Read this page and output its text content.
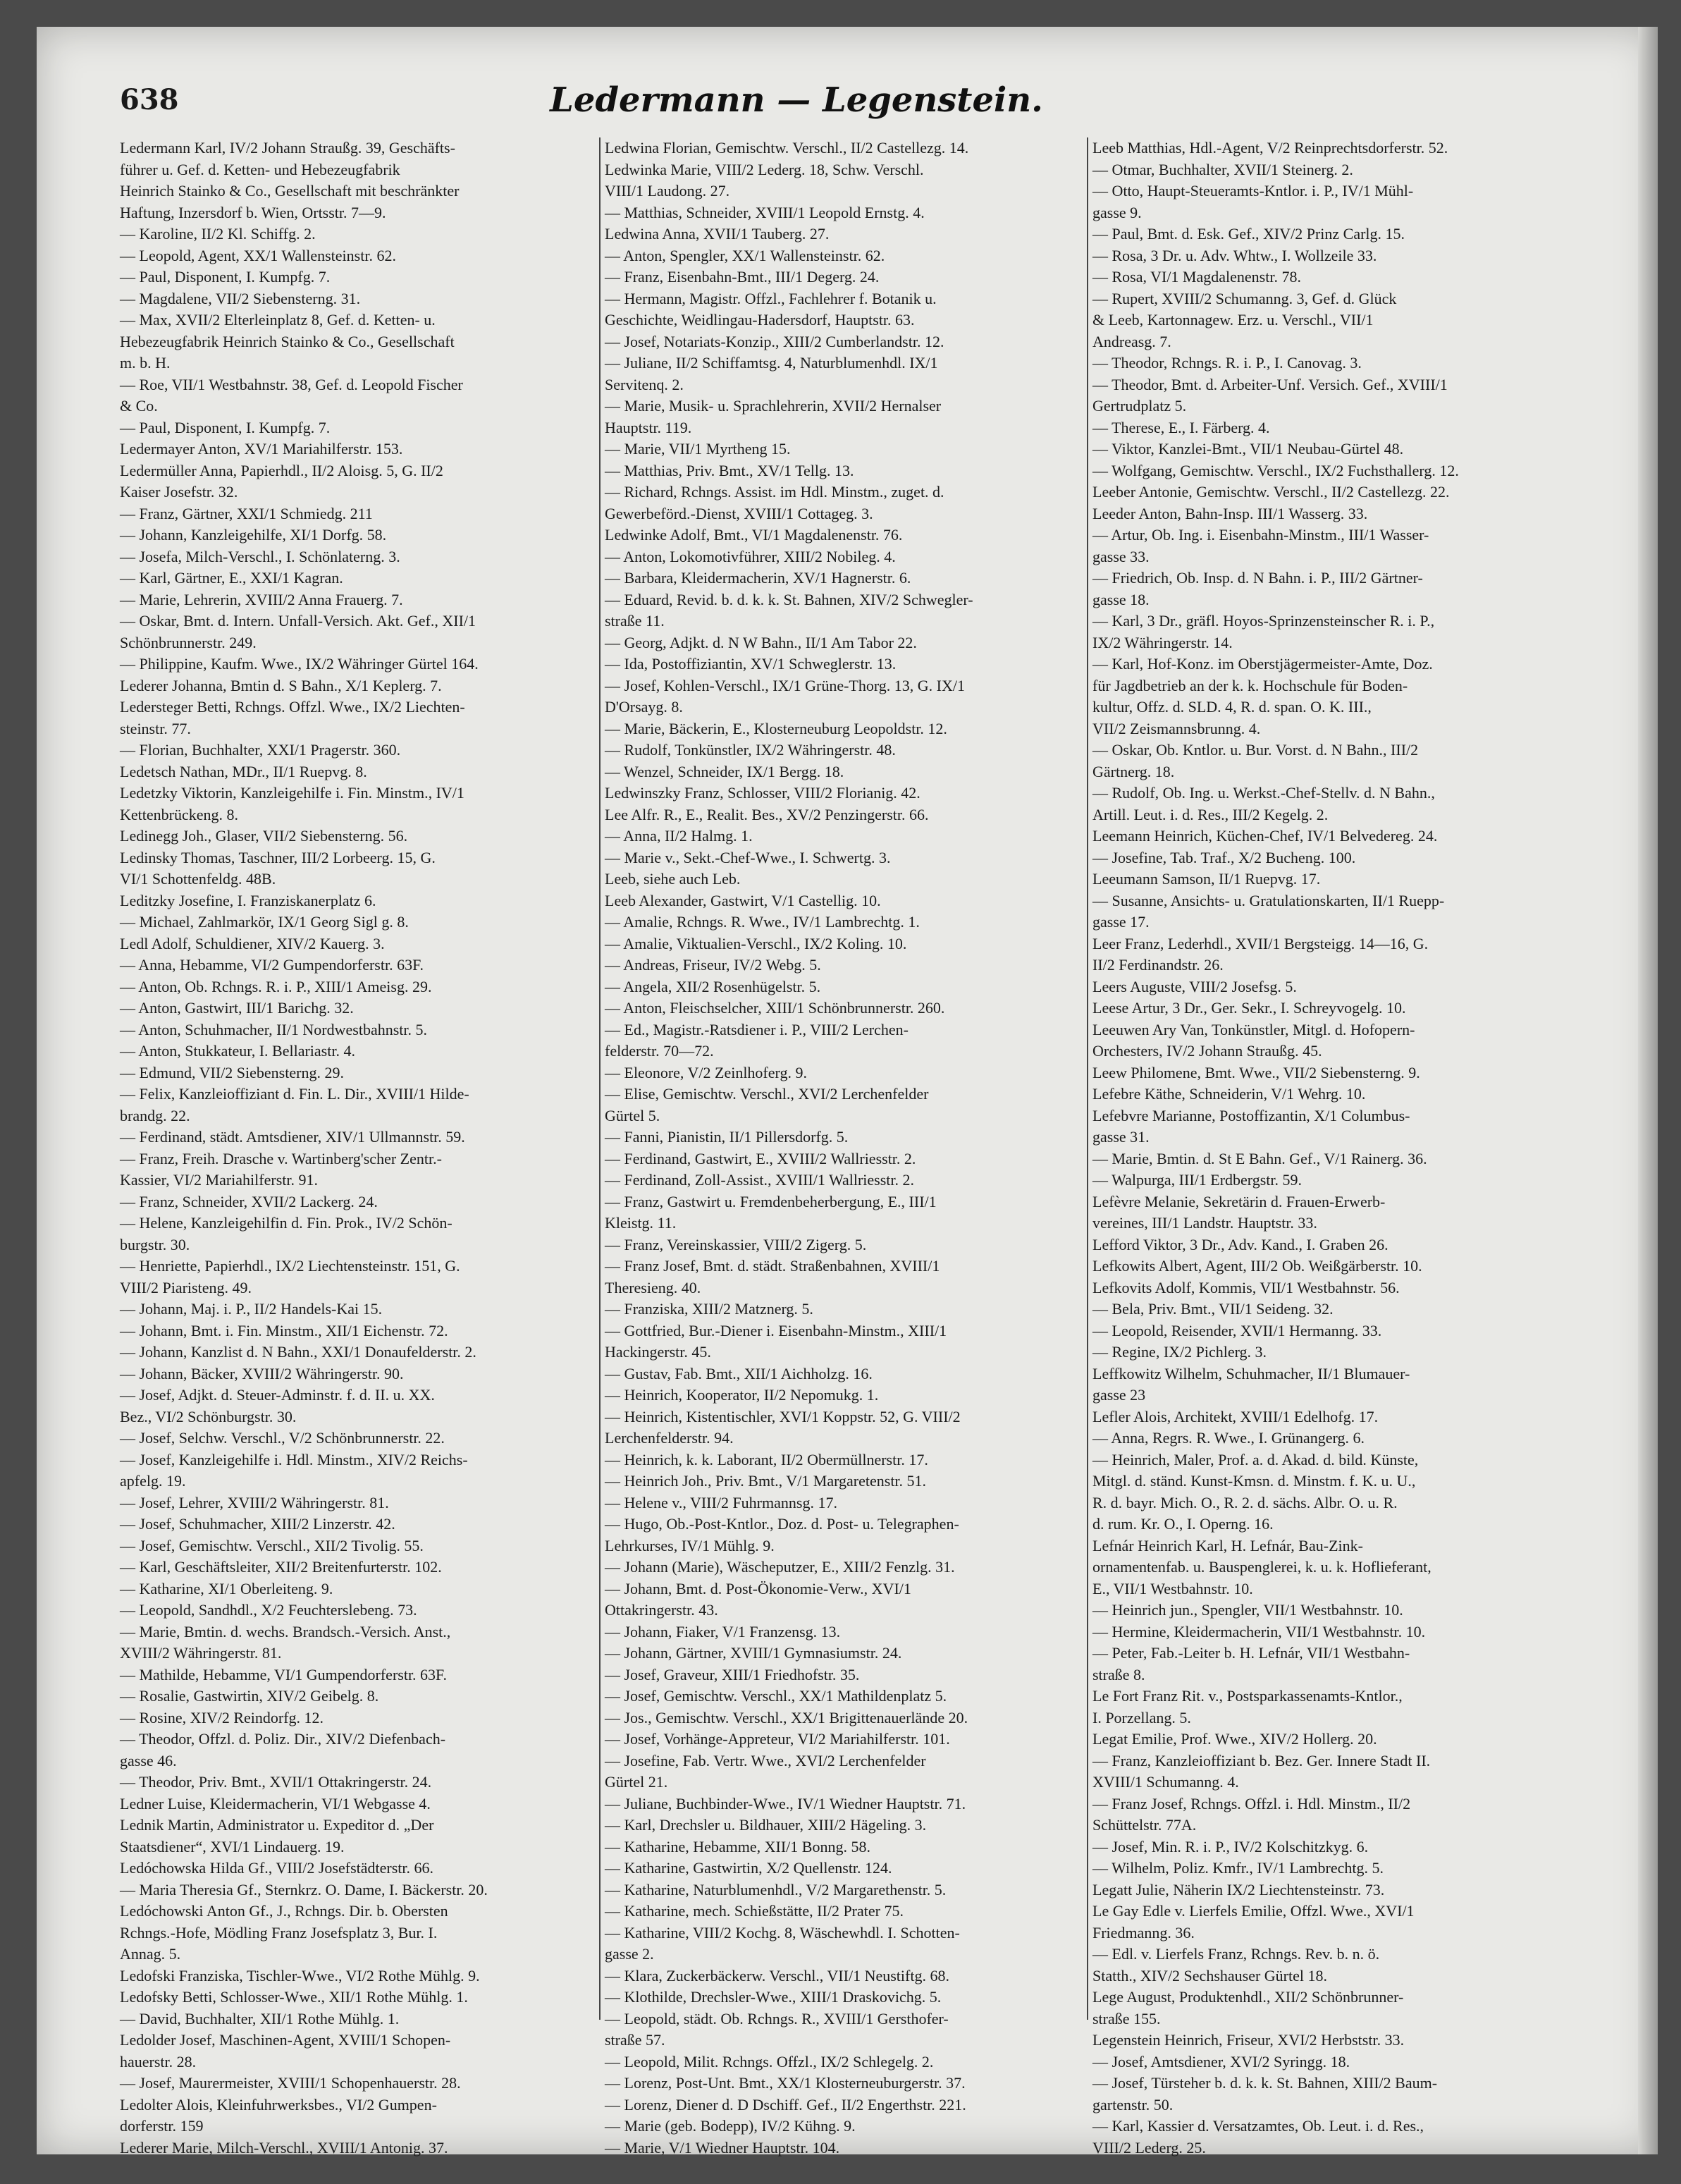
638	Ledermann — Legenstein.
Ledermann Karl, IV/2 Johann Straußg. 39, Geschäfts-
führer u. Gef. d. Ketten- und Hebezeugfabrik
Heinrich Stainko & Co., Gesellschaft mit beschränkter
Haftung, Inzersdorf b. Wien, Ortsstr. 7—9.
— Karoline, II/2 Kl. Schiffg. 2.
— Leopold, Agent, XX/1 Wallensteinstr. 62.
— Paul, Disponent, I. Kumpfg. 7.
— Magdalene, VII/2 Siebensterng. 31.
— Max, XVII/2 Elterleinplatz 8, Gef. d. Ketten- u.
Hebezeugfabrik Heinrich Stainko & Co., Gesellschaft
m. b. H.
— Roe, VII/1 Westbahnstr. 38, Gef. d. Leopold Fischer
& Co.
— Paul, Disponent, I. Kumpfg. 7.
Ledermayer Anton, XV/1 Mariahilferstr. 153.
Ledermüller Anna, Papierhdl., II/2 Aloisg. 5, G. II/2
Kaiser Josefstr. 32.
— Franz, Gärtner, XXI/1 Schmiedg. 211
— Johann, Kanzleigehilfe, XI/1 Dorfg. 58.
— Josefa, Milch-Verschl., I. Schönlaterng. 3.
— Karl, Gärtner, E., XXI/1 Kagran.
— Marie, Lehrerin, XVIII/2 Anna Frauerg. 7.
— Oskar, Bmt. d. Intern. Unfall-Versich. Akt. Gef., XII/1
Schönbrunnerstr. 249.
— Philippine, Kaufm. Wwe., IX/2 Währinger Gürtel 164.
Lederer Johanna, Bmtin d. S Bahn., X/1 Keplerg. 7.
Ledersteger Betti, Rchngs. Offzl. Wwe., IX/2 Liechten-
steinstr. 77.
— Florian, Buchhalter, XXI/1 Pragerstr. 360.
Ledetsch Nathan, MDr., II/1 Ruepvg. 8.
Ledetzky Viktorin, Kanzleigehilfe i. Fin. Minstm., IV/1
Kettenbrückeng. 8.
Ledinegg Joh., Glaser, VII/2 Siebensterng. 56.
Ledinsky Thomas, Taschner, III/2 Lorbeerg. 15, G.
VI/1 Schottenfeldg. 48B.
Leditzky Josefine, I. Franziskanerplatz 6.
— Michael, Zahlmarkör, IX/1 Georg Sigl g. 8.
Ledl Adolf, Schuldiener, XIV/2 Kauerg. 3.
— Anna, Hebamme, VI/2 Gumpendorferstr. 63F.
— Anton, Ob. Rchngs. R. i. P., XIII/1 Ameisg. 29.
— Anton, Gastwirt, III/1 Barichg. 32.
— Anton, Schuhmacher, II/1 Nordwestbahnstr. 5.
— Anton, Stukkateur, I. Bellariastr. 4.
— Edmund, VII/2 Siebensterng. 29.
— Felix, Kanzleioffiziant d. Fin. L. Dir., XVIII/1 Hilde-
brandg. 22.
— Ferdinand, städt. Amtsdiener, XIV/1 Ullmannstr. 59.
— Franz, Freih. Drasche v. Wartinberg'scher Zentr.-
Kassier, VI/2 Mariahilferstr. 91.
— Franz, Schneider, XVII/2 Lackerg. 24.
— Helene, Kanzleigehilfin d. Fin. Prok., IV/2 Schön-
burgstr. 30.
— Henriette, Papierhdl., IX/2 Liechtensteinstr. 151, G.
VIII/2 Piaristeng. 49.
— Johann, Maj. i. P., II/2 Handels-Kai 15.
— Johann, Bmt. i. Fin. Minstm., XII/1 Eichenstr. 72.
— Johann, Kanzlist d. N Bahn., XXI/1 Donaufelderstr. 2.
— Johann, Bäcker, XVIII/2 Währingerstr. 90.
— Josef, Adjkt. d. Steuer-Adminstr. f. d. II. u. XX.
Bez., VI/2 Schönburgstr. 30.
— Josef, Selchw. Verschl., V/2 Schönbrunnerstr. 22.
— Josef, Kanzleigehilfe i. Hdl. Minstm., XIV/2 Reichs-
apfelg. 19.
— Josef, Lehrer, XVIII/2 Währingerstr. 81.
— Josef, Schuhmacher, XIII/2 Linzerstr. 42.
— Josef, Gemischtw. Verschl., XII/2 Tivolig. 55.
— Karl, Geschäftsleiter, XII/2 Breitenfurterstr. 102.
— Katharine, XI/1 Oberleiteng. 9.
— Leopold, Sandhdl., X/2 Feuchterslebeng. 73.
— Marie, Bmtin. d. wechs. Brandsch.-Versich. Anst.,
XVIII/2 Währingerstr. 81.
— Mathilde, Hebamme, VI/1 Gumpendorferstr. 63F.
— Rosalie, Gastwirtin, XIV/2 Geibelg. 8.
— Rosine, XIV/2 Reindorfg. 12.
— Theodor, Offzl. d. Poliz. Dir., XIV/2 Diefenbach-
gasse 46.
— Theodor, Priv. Bmt., XVII/1 Ottakringerstr. 24.
Ledner Luise, Kleidermacherin, VI/1 Webgasse 4.
Lednik Martin, Administrator u. Expeditor d. „Der
Staatsdiener“, XVI/1 Lindauerg. 19.
Ledóchowska Hilda Gf., VIII/2 Josefstädterstr. 66.
— Maria Theresia Gf., Sternkrz. O. Dame, I. Bäckerstr. 20.
Ledóchowski Anton Gf., J., Rchngs. Dir. b. Obersten
Rchngs.-Hofe, Mödling Franz Josefsplatz 3, Bur. I.
Annag. 5.
Ledofski Franziska, Tischler-Wwe., VI/2 Rothe Mühlg. 9.
Ledofsky Betti, Schlosser-Wwe., XII/1 Rothe Mühlg. 1.
— David, Buchhalter, XII/1 Rothe Mühlg. 1.
Ledolder Josef, Maschinen-Agent, XVIII/1 Schopen-
hauerstr. 28.
— Josef, Maurermeister, XVIII/1 Schopenhauerstr. 28.
Ledolter Alois, Kleinfuhrwerksbes., VI/2 Gumpen-
dorferstr. 159
Lederer Marie, Milch-Verschl., XVIII/1 Antonig. 37.
Ledwina Florian, Gemischtw. Verschl., II/2 Castellezg. 14.
Ledwinka Marie, VIII/2 Lederg. 18, Schw. Verschl.
VIII/1 Laudong. 27.
— Matthias, Schneider, XVIII/1 Leopold Ernstg. 4.
Ledwina Anna, XVII/1 Tauberg. 27.
— Anton, Spengler, XX/1 Wallensteinstr. 62.
— Franz, Eisenbahn-Bmt., III/1 Degerg. 24.
— Hermann, Magistr. Offzl., Fachlehrer f. Botanik u.
Geschichte, Weidlingau-Hadersdorf, Hauptstr. 63.
— Josef, Notariats-Konzip., XIII/2 Cumberlandstr. 12.
— Juliane, II/2 Schiffamtsg. 4, Naturblumenhdl. IX/1
Servitenq. 2.
— Marie, Musik- u. Sprachlehrerin, XVII/2 Hernalser
Hauptstr. 119.
— Marie, VII/1 Myrtheng 15.
— Matthias, Priv. Bmt., XV/1 Tellg. 13.
— Richard, Rchngs. Assist. im Hdl. Minstm., zuget. d.
Gewerbeförd.-Dienst, XVIII/1 Cottageg. 3.
Ledwinke Adolf, Bmt., VI/1 Magdalenenstr. 76.
— Anton, Lokomotivführer, XIII/2 Nobileg. 4.
— Barbara, Kleidermacherin, XV/1 Hagnerstr. 6.
— Eduard, Revid. b. d. k. k. St. Bahnen, XIV/2 Schwegler-
straße 11.
— Georg, Adjkt. d. N W Bahn., II/1 Am Tabor 22.
— Ida, Postoffiziantin, XV/1 Schweglerstr. 13.
— Josef, Kohlen-Verschl., IX/1 Grüne-Thorg. 13, G. IX/1
D'Orsayg. 8.
— Marie, Bäckerin, E., Klosterneuburg Leopoldstr. 12.
— Rudolf, Tonkünstler, IX/2 Währingerstr. 48.
— Wenzel, Schneider, IX/1 Bergg. 18.
Ledwinszky Franz, Schlosser, VIII/2 Florianig. 42.
Lee Alfr. R., E., Realit. Bes., XV/2 Penzingerstr. 66.
— Anna, II/2 Halmg. 1.
— Marie v., Sekt.-Chef-Wwe., I. Schwertg. 3.
Leeb, siehe auch Leb.
Leeb Alexander, Gastwirt, V/1 Castellig. 10.
— Amalie, Rchngs. R. Wwe., IV/1 Lambrechtg. 1.
— Amalie, Viktualien-Verschl., IX/2 Koling. 10.
— Andreas, Friseur, IV/2 Webg. 5.
— Angela, XII/2 Rosenhügelstr. 5.
— Anton, Fleischselcher, XIII/1 Schönbrunnerstr. 260.
— Ed., Magistr.-Ratsdiener i. P., VIII/2 Lerchen-
felderstr. 70—72.
— Eleonore, V/2 Zeinlhoferg. 9.
— Elise, Gemischtw. Verschl., XVI/2 Lerchenfelder
Gürtel 5.
— Fanni, Pianistin, II/1 Pillersdorfg. 5.
— Ferdinand, Gastwirt, E., XVIII/2 Wallriesstr. 2.
— Ferdinand, Zoll-Assist., XVIII/1 Wallriesstr. 2.
— Franz, Gastwirt u. Fremdenbeherbergung, E., III/1
Kleistg. 11.
— Franz, Vereinskassier, VIII/2 Zigerg. 5.
— Franz Josef, Bmt. d. städt. Straßenbahnen, XVIII/1
Theresieng. 40.
— Franziska, XIII/2 Matznerg. 5.
— Gottfried, Bur.-Diener i. Eisenbahn-Minstm., XIII/1
Hackingerstr. 45.
— Gustav, Fab. Bmt., XII/1 Aichholzg. 16.
— Heinrich, Kooperator, II/2 Nepomukg. 1.
— Heinrich, Kistentischler, XVI/1 Koppstr. 52, G. VIII/2
Lerchenfelderstr. 94.
— Heinrich, k. k. Laborant, II/2 Obermüllnerstr. 17.
— Heinrich Joh., Priv. Bmt., V/1 Margaretenstr. 51.
— Helene v., VIII/2 Fuhrmannsg. 17.
— Hugo, Ob.-Post-Kntlor., Doz. d. Post- u. Telegraphen-
Lehrkurses, IV/1 Mühlg. 9.
— Johann (Marie), Wäscheputzer, E., XIII/2 Fenzlg. 31.
— Johann, Bmt. d. Post-Ökonomie-Verw., XVI/1
Ottakringerstr. 43.
— Johann, Fiaker, V/1 Franzensg. 13.
— Johann, Gärtner, XVIII/1 Gymnasiumstr. 24.
— Josef, Graveur, XIII/1 Friedhofstr. 35.
— Josef, Gemischtw. Verschl., XX/1 Mathildenplatz 5.
— Jos., Gemischtw. Verschl., XX/1 Brigittenauerlände 20.
— Josef, Vorhänge-Appreteur, VI/2 Mariahilferstr. 101.
— Josefine, Fab. Vertr. Wwe., XVI/2 Lerchenfelder
Gürtel 21.
— Juliane, Buchbinder-Wwe., IV/1 Wiedner Hauptstr. 71.
— Karl, Drechsler u. Bildhauer, XIII/2 Hägeling. 3.
— Katharine, Hebamme, XII/1 Bonng. 58.
— Katharine, Gastwirtin, X/2 Quellenstr. 124.
— Katharine, Naturblumenhdl., V/2 Margarethenstr. 5.
— Katharine, mech. Schießstätte, II/2 Prater 75.
— Katharine, VIII/2 Kochg. 8, Wäschewhdl. I. Schotten-
gasse 2.
— Klara, Zuckerbäckerw. Verschl., VII/1 Neustiftg. 68.
— Klothilde, Drechsler-Wwe., XIII/1 Draskovichg. 5.
— Leopold, städt. Ob. Rchngs. R., XVIII/1 Gersthofer-
straße 57.
— Leopold, Milit. Rchngs. Offzl., IX/2 Schlegelg. 2.
— Lorenz, Post-Unt. Bmt., XX/1 Klosterneuburgerstr. 37.
— Lorenz, Diener d. D Dschiff. Gef., II/2 Engerthstr. 221.
— Marie (geb. Bodepp), IV/2 Kühng. 9.
— Marie, V/1 Wiedner Hauptstr. 104.
Leeb Matthias, Hdl.-Agent, V/2 Reinprechtsdorferstr. 52.
— Otmar, Buchhalter, XVII/1 Steinerg. 2.
— Otto, Haupt-Steueramts-Kntlor. i. P., IV/1 Mühl-
gasse 9.
— Paul, Bmt. d. Esk. Gef., XIV/2 Prinz Carlg. 15.
— Rosa, 3 Dr. u. Adv. Whtw., I. Wollzeile 33.
— Rosa, VI/1 Magdalenenstr. 78.
— Rupert, XVIII/2 Schumanng. 3, Gef. d. Glück
& Leeb, Kartonnagew. Erz. u. Verschl., VII/1
Andreasg. 7.
— Theodor, Rchngs. R. i. P., I. Canovag. 3.
— Theodor, Bmt. d. Arbeiter-Unf. Versich. Gef., XVIII/1
Gertrudplatz 5.
— Therese, E., I. Färberg. 4.
— Viktor, Kanzlei-Bmt., VII/1 Neubau-Gürtel 48.
— Wolfgang, Gemischtw. Verschl., IX/2 Fuchsthallerg. 12.
Leeber Antonie, Gemischtw. Verschl., II/2 Castellezg. 22.
Leeder Anton, Bahn-Insp. III/1 Wasserg. 33.
— Artur, Ob. Ing. i. Eisenbahn-Minstm., III/1 Wasser-
gasse 33.
— Friedrich, Ob. Insp. d. N Bahn. i. P., III/2 Gärtner-
gasse 18.
— Karl, 3 Dr., gräfl. Hoyos-Sprinzensteinscher R. i. P.,
IX/2 Währingerstr. 14.
— Karl, Hof-Konz. im Oberstjägermeister-Amte, Doz.
für Jagdbetrieb an der k. k. Hochschule für Boden-
kultur, Offz. d. SLD. 4, R. d. span. O. K. III.,
VII/2 Zeismannsbrunng. 4.
— Oskar, Ob. Kntlor. u. Bur. Vorst. d. N Bahn., III/2
Gärtnerg. 18.
— Rudolf, Ob. Ing. u. Werkst.-Chef-Stellv. d. N Bahn.,
Artill. Leut. i. d. Res., III/2 Kegelg. 2.
Leemann Heinrich, Küchen-Chef, IV/1 Belvedereg. 24.
— Josefine, Tab. Traf., X/2 Bucheng. 100.
Leeumann Samson, II/1 Ruepvg. 17.
— Susanne, Ansichts- u. Gratulationskarten, II/1 Ruepp-
gasse 17.
Leer Franz, Lederhdl., XVII/1 Bergsteigg. 14—16, G.
II/2 Ferdinandstr. 26.
Leers Auguste, VIII/2 Josefsg. 5.
Leese Artur, 3 Dr., Ger. Sekr., I. Schreyvogelg. 10.
Leeuwen Ary Van, Tonkünstler, Mitgl. d. Hofopern-
Orchesters, IV/2 Johann Straußg. 45.
Leew Philomene, Bmt. Wwe., VII/2 Siebensterng. 9.
Lefebre Käthe, Schneiderin, V/1 Wehrg. 10.
Lefebvre Marianne, Postoffizantin, X/1 Columbus-
gasse 31.
— Marie, Bmtin. d. St E Bahn. Gef., V/1 Rainerg. 36.
— Walpurga, III/1 Erdbergstr. 59.
Lefèvre Melanie, Sekretärin d. Frauen-Erwerb-
vereines, III/1 Landstr. Hauptstr. 33.
Lefford Viktor, 3 Dr., Adv. Kand., I. Graben 26.
Lefkowits Albert, Agent, III/2 Ob. Weißgärberstr. 10.
Lefkovits Adolf, Kommis, VII/1 Westbahnstr. 56.
— Bela, Priv. Bmt., VII/1 Seideng. 32.
— Leopold, Reisender, XVII/1 Hermanng. 33.
— Regine, IX/2 Pichlerg. 3.
Leffkowitz Wilhelm, Schuhmacher, II/1 Blumauer-
gasse 23
Lefler Alois, Architekt, XVIII/1 Edelhofg. 17.
— Anna, Regrs. R. Wwe., I. Grünangerg. 6.
— Heinrich, Maler, Prof. a. d. Akad. d. bild. Künste,
Mitgl. d. ständ. Kunst-Kmsn. d. Minstm. f. K. u. U.,
R. d. bayr. Mich. O., R. 2. d. sächs. Albr. O. u. R.
d. rum. Kr. O., I. Operng. 16.
Lefnár Heinrich Karl, H. Lefnár, Bau-Zink-
ornamentenfab. u. Bauspenglerei, k. u. k. Hoflieferant,
E., VII/1 Westbahnstr. 10.
— Heinrich jun., Spengler, VII/1 Westbahnstr. 10.
— Hermine, Kleidermacherin, VII/1 Westbahnstr. 10.
— Peter, Fab.-Leiter b. H. Lefnár, VII/1 Westbahn-
straße 8.
Le Fort Franz Rit. v., Postsparkassenamts-Kntlor.,
I. Porzellang. 5.
Legat Emilie, Prof. Wwe., XIV/2 Hollerg. 20.
— Franz, Kanzleioffiziant b. Bez. Ger. Innere Stadt II.
XVIII/1 Schumanng. 4.
— Franz Josef, Rchngs. Offzl. i. Hdl. Minstm., II/2
Schüttelstr. 77A.
— Josef, Min. R. i. P., IV/2 Kolschitzkyg. 6.
— Wilhelm, Poliz. Kmfr., IV/1 Lambrechtg. 5.
Legatt Julie, Näherin IX/2 Liechtensteinstr. 73.
Le Gay Edle v. Lierfels Emilie, Offzl. Wwe., XVI/1
Friedmanng. 36.
— Edl. v. Lierfels Franz, Rchngs. Rev. b. n. ö.
Statth., XIV/2 Sechshauser Gürtel 18.
Lege August, Produktenhdl., XII/2 Schönbrunner-
straße 155.
Legenstein Heinrich, Friseur, XVI/2 Herbststr. 33.
— Josef, Amtsdiener, XVI/2 Syringg. 18.
— Josef, Türsteher b. d. k. k. St. Bahnen, XIII/2 Baum-
gartenstr. 50.
— Karl, Kassier d. Versatzamtes, Ob. Leut. i. d. Res.,
VIII/2 Lederg. 25.
